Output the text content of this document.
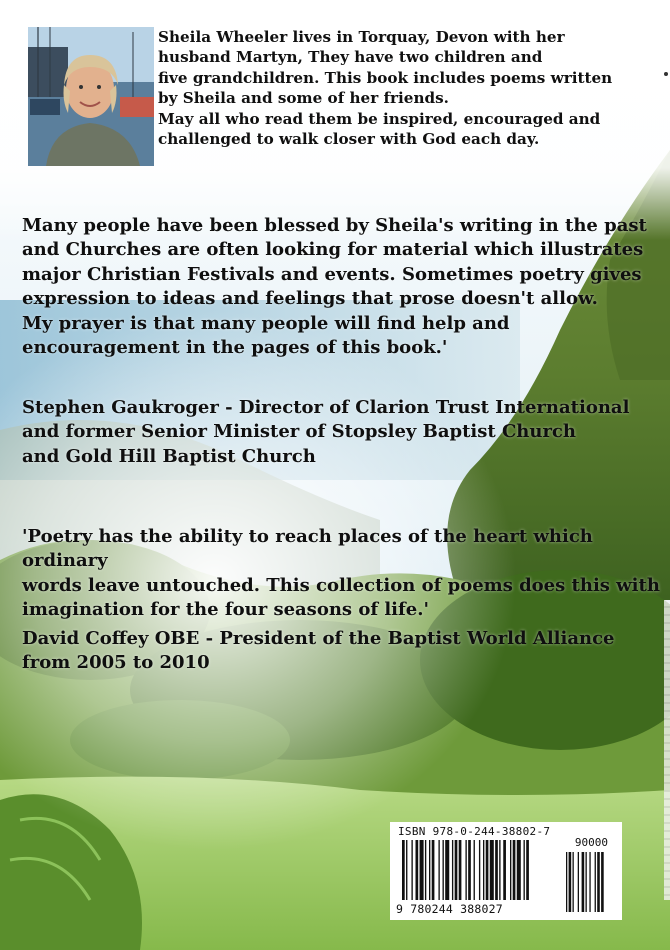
Sheila Wheeler lives in Torquay, Devon with her
husband Martyn, They have two children and
five grandchildren. This book includes poems written
by Sheila and some of her friends.
May all who read them be inspired, encouraged and
challenged to walk closer with God each day.

Many people have been blessed by Sheila's writing in the past
and Churches are often looking for material which illustrates
major Christian Festivals and events. Sometimes poetry gives
expression to ideas and feelings that prose doesn't allow.
My prayer is that many people will find help and
encouragement in the pages of this book.'

Stephen Gaukroger - Director of Clarion Trust International
and former Senior Minister of Stopsley Baptist Church
and Gold Hill Baptist Church

'Poetry has the ability to reach places of the heart which ordinary
words leave untouched. This collection of poems does this with
imagination for the four seasons of life.'

David Coffey OBE - President of the Baptist World Alliance
from 2005 to 2010

ISBN 978-0-244-38802-7
90000
9 780244 388027
